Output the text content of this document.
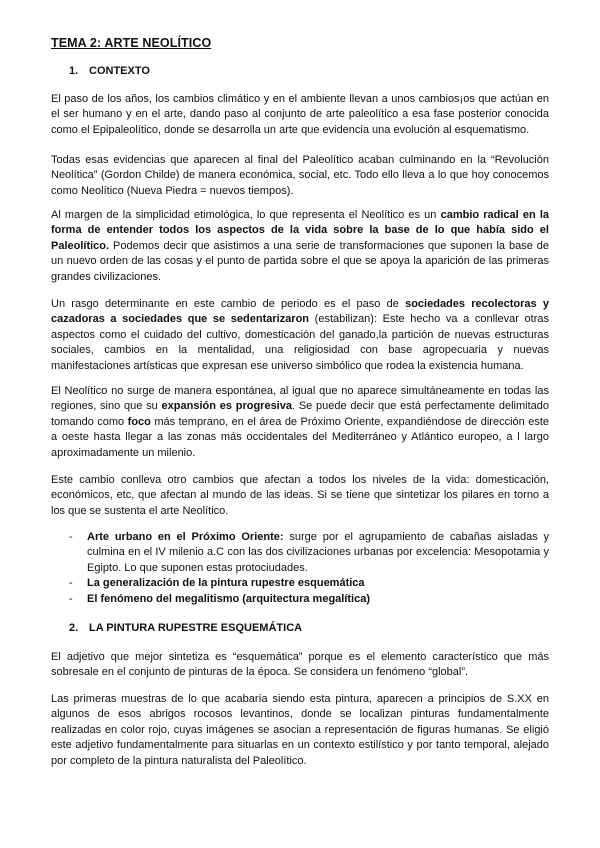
TEMA 2: ARTE NEOLÍTICO
1. CONTEXTO
El paso de los años, los cambios climático y en el ambiente llevan a unos cambios¡os que actúan en el ser humano y en el arte, dando paso al conjunto de arte paleolítico a esa fase posterior conocida como el Epipaleolítico, donde se desarrolla un arte que evidencia una evolución al esquematismo.
Todas esas evidencias que aparecen al final del Paleolítico acaban culminando en la “Revolución Neolítica” (Gordon Childe) de manera económica, social, etc. Todo ello lleva a lo que hoy conocemos como Neolítico (Nueva Piedra = nuevos tiempos).
Al margen de la simplicidad etimológica, lo que representa el Neolítico es un cambio radical en la forma de entender todos los aspectos de la vida sobre la base de lo que había sido el Paleolítico. Podemos decir que asistimos a una serie de transformaciones que suponen la base de un nuevo orden de las cosas y el punto de partida sobre el que se apoya la aparición de las primeras grandes civilizaciones.
Un rasgo determinante en este cambio de periodo es el paso de sociedades recolectoras y cazadoras a sociedades que se sedentarizaron (estabilizan): Este hecho va a conllevar otras aspectos como el cuidado del cultivo, domesticación del ganado,la partición de nuevas estructuras sociales, cambios en la mentalidad, una religiosidad con base agropecuaria y nuevas manifestaciones artísticas que expresan ese universo simbólico que rodea la existencia humana.
El Neolítico no surge de manera espontánea, al igual que no aparece simultáneamente en todas las regiones, sino que su expansión es progresiva. Se puede decir que está perfectamente delimitado tomando como foco más temprano, en el área de Próximo Oriente, expandiéndose de dirección este a oeste hasta llegar a las zonas más occidentales del Mediterráneo y Atlántico europeo, a l largo aproximadamente un milenio.
Este cambio conlleva otro cambios que afectan a todos los niveles de la vida: domesticación, económicos, etc, que afectan al mundo de las ideas. Si se tiene que sintetizar los pilares en torno a los que se sustenta el arte Neolítico.
- Arte urbano en el Próximo Oriente: surge por el agrupamiento de cabañas aisladas y culmina en el IV milenio a.C con las dos civilizaciones urbanas por excelencia: Mesopotamia y Egipto. Lo que suponen estas protociudades.
- La generalización de la pintura rupestre esquemática
- El fenómeno del megalitismo (arquitectura megalítica)
2. LA PINTURA RUPESTRE ESQUEMÁTICA
El adjetivo que mejor sintetiza es “esquemática” porque es el elemento característico que más sobresale en el conjunto de pinturas de la época. Se considera un fenómeno “global”.
Las primeras muestras de lo que acabaría siendo esta pintura, aparecen a principios de S.XX en algunos de esos abrigos rocosos levantinos, donde se localizan pinturas fundamentalmente realizadas en color rojo, cuyas imágenes se asocian a representación de figuras humanas. Se eligió este adjetivo fundamentalmente para situarlas en un contexto estilístico y por tanto temporal, alejado por completo de la pintura naturalista del Paleolítico.
